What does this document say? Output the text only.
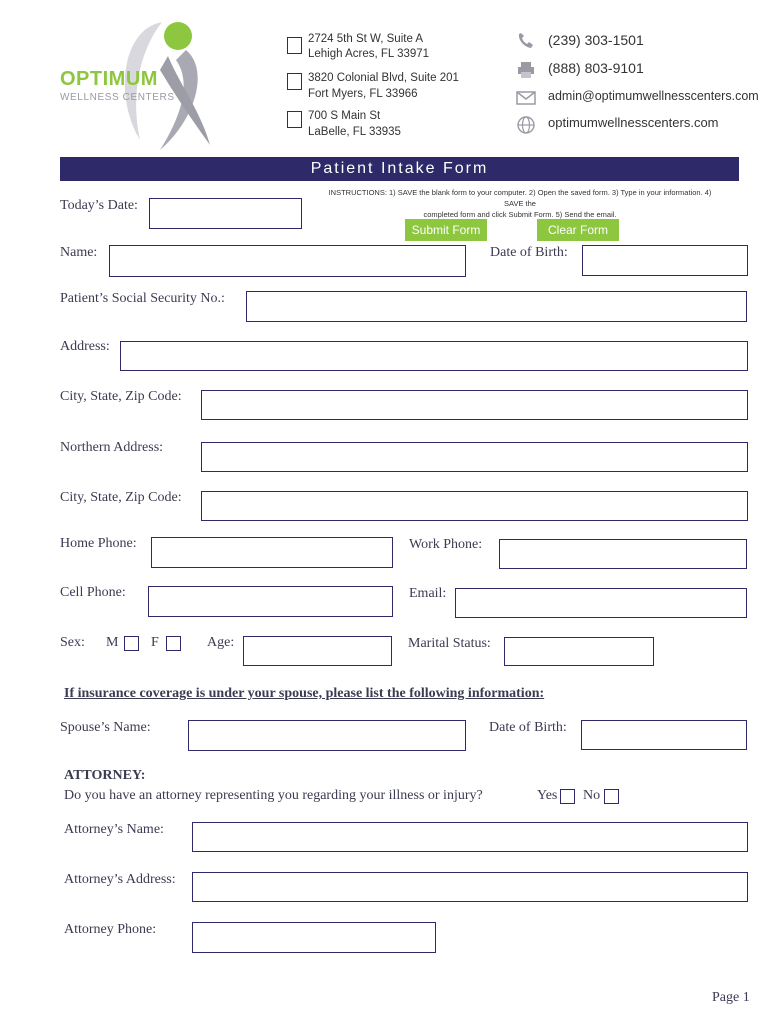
OPTIMUM
WELLNESS CENTERS
2724 5th St W, Suite A
Lehigh Acres, FL 33971
3820 Colonial Blvd, Suite 201
Fort Myers, FL 33966
700 S Main St
LaBelle, FL 33935
(239) 303-1501
(888) 803-9101
admin@optimumwellnesscenters.com
optimumwellnesscenters.com
Patient Intake Form
INSTRUCTIONS: 1) SAVE the blank form to your computer. 2) Open the saved form. 3) Type in your information. 4) SAVE the
completed form and click Submit Form. 5) Send the email.
Submit Form	Clear Form
Today’s Date:
Name:	Date of Birth:
Patient’s Social Security No.:
Address:
City, State, Zip Code:
Northern Address:
City, State, Zip Code:
Home Phone:	Work Phone:
Cell Phone:	Email:
Sex: M F	Age:	Marital Status:
If insurance coverage is under your spouse, please list the following information:
Spouse’s Name:	Date of Birth:
ATTORNEY:
Do you have an attorney representing you regarding your illness or injury?	Yes No
Attorney’s Name:
Attorney’s Address:
Attorney Phone:
Page 1
